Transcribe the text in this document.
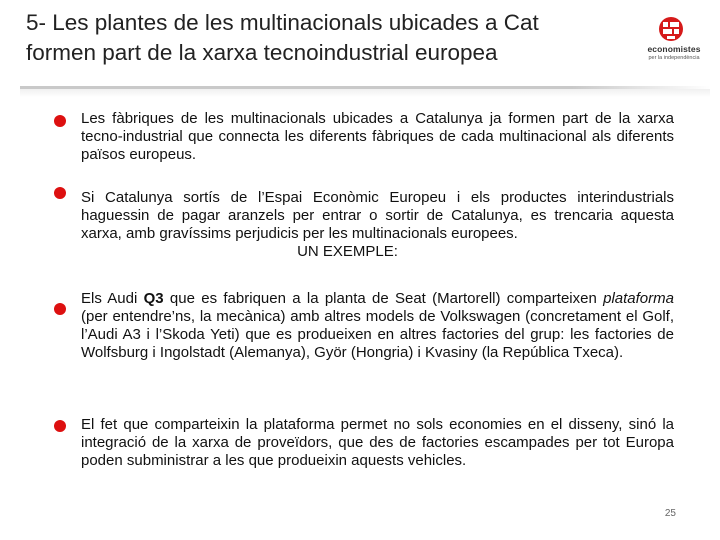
5- Les plantes de les multinacionals ubicades a Cat
formen part de la xarxa tecnoindustrial europea	economistes
per la independència
Les fàbriques de les multinacionals ubicades a Catalunya ja formen part de la xarxa tecno-industrial que connecta les diferents fàbriques de cada multinacional als diferents països europeus.
Si Catalunya sortís de l’Espai Econòmic Europeu i els productes interindustrials haguessin de pagar aranzels per entrar o sortir de Catalunya, es trencaria aquesta xarxa, amb gravíssims perjudicis per les multinacionals europees.
UN EXEMPLE:
Els Audi Q3 que es fabriquen a la planta de Seat (Martorell) comparteixen plataforma (per entendre’ns, la mecànica) amb altres models de Volkswagen (concretament el Golf, l’Audi A3 i l’Skoda Yeti) que es produeixen en altres factories del grup: les factories de Wolfsburg i Ingolstadt (Alemanya), Györ (Hongria) i Kvasiny (la República Txeca).
El fet que comparteixin la plataforma permet no sols economies en el disseny, sinó la integració de la xarxa de proveïdors, que des de factories escampades per tot Europa poden subministrar a les que produeixin aquests vehicles.
25
